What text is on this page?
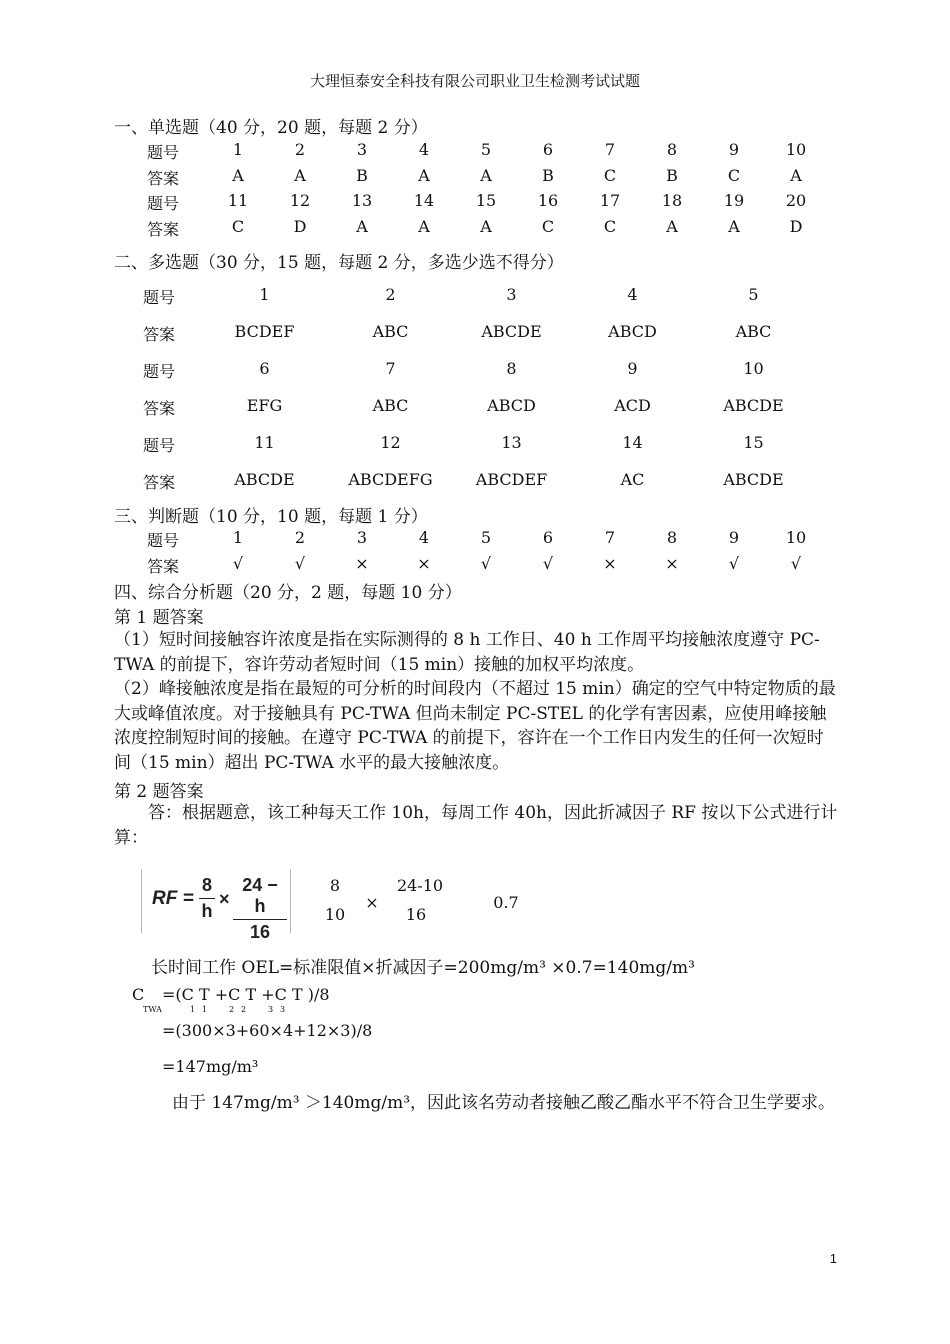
大理恒泰安全科技有限公司职业卫生检测考试试题
一、单选题（40 分，20 题，每题 2 分）
题号	1	2	3	4	5	6	7	8	9	10
答案	A	A	B	A	A	B	C	B	C	A
题号	11	12	13	14	15	16	17	18	19	20
答案	C	D	A	A	A	C	C	A	A	D
二、多选题（30 分，15 题，每题 2 分，多选少选不得分）
题号	1	2	3	4	5
答案	BCDEF	ABC	ABCDE	ABCD	ABC
题号	6	7	8	9	10
答案	EFG	ABC	ABCD	ACD	ABCDE
题号	11	12	13	14	15
答案	ABCDE	ABCDEFG	ABCDEF	AC	ABCDE
三、判断题（10 分，10 题，每题 1 分）
题号	1	2	3	4	5	6	7	8	9	10
答案	√	√	×	×	√	√	×	×	√	√
四、综合分析题（20 分，2 题，每题 10 分）
第 1 题答案
（1）短时间接触容许浓度是指在实际测得的 8 h 工作日、40 h 工作周平均接触浓度遵守 PC-TWA 的前提下，容许劳动者短时间（15 min）接触的加权平均浓度。
（2）峰接触浓度是指在最短的可分析的时间段内（不超过 15 min）确定的空气中特定物质的最大或峰值浓度。对于接触具有 PC-TWA 但尚未制定 PC-STEL 的化学有害因素，应使用峰接触浓度控制短时间的接触。在遵守 PC-TWA 的前提下，容许在一个工作日内发生的任何一次短时间（15 min）超出 PC-TWA 水平的最大接触浓度。
第 2 题答案
答：根据题意，该工种每天工作 10h，每周工作 40h，因此折减因子 RF 按以下公式进行计算：
RF = $\frac{8}{h} \times \frac{24 - h}{16}$	8
10
×
24-10
16
0.7
长时间工作 OEL=标准限值×折减因子=200mg/m³ ×0.7=140mg/m³
C
TWA
=(C T +C T +C T )/8
1 1	2 2	3 3
=(300×3+60×4+12×3)/8
=147mg/m³
由于 147mg/m³ ＞140mg/m³，因此该名劳动者接触乙酸乙酯水平不符合卫生学要求。
1
